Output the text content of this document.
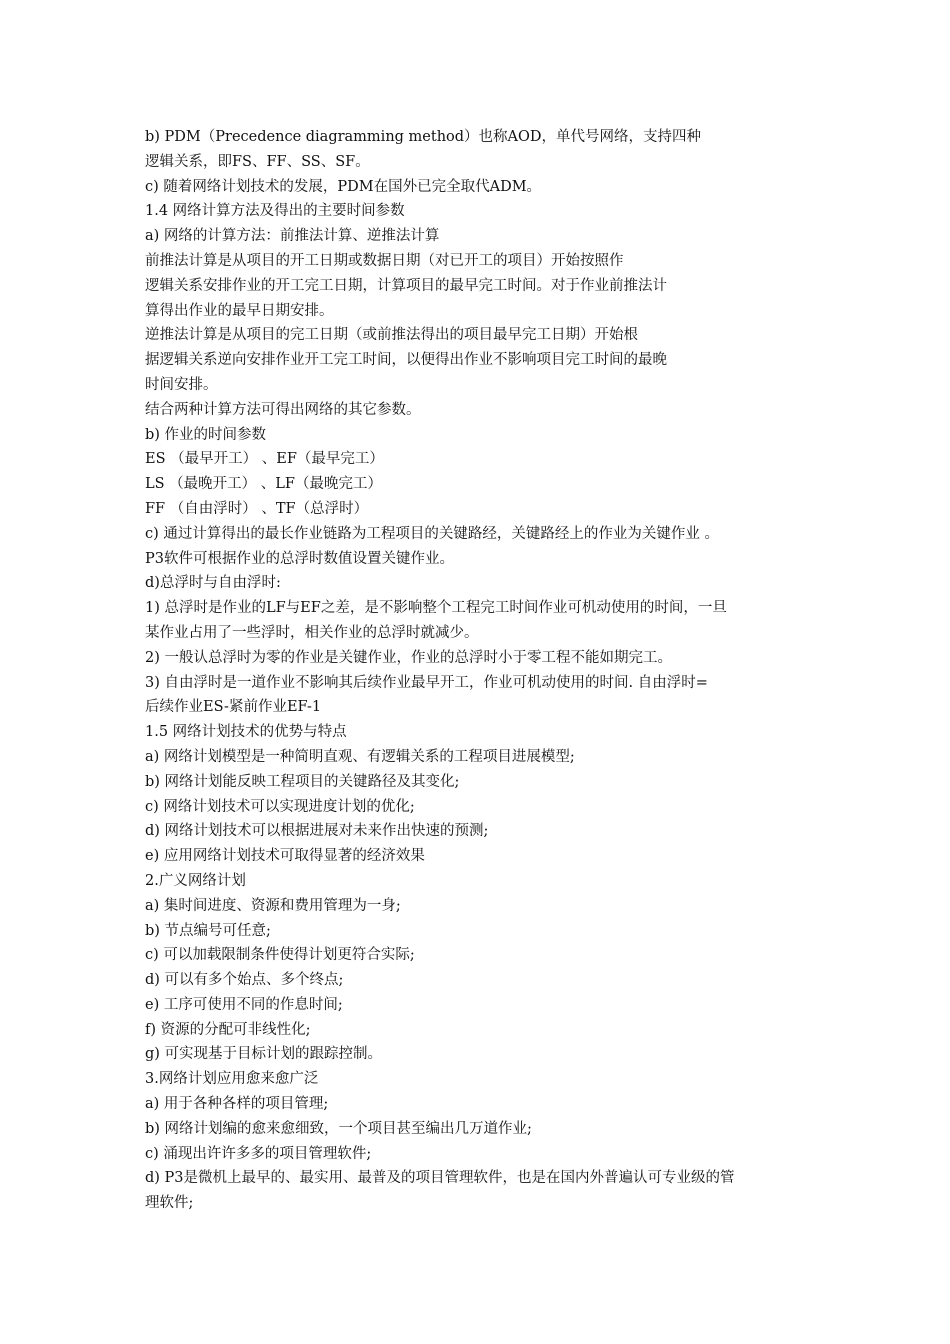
b) PDM（Precedence diagramming method）也称AOD，单代号网络，支持四种
逻辑关系，即FS、FF、SS、SF。
c) 随着网络计划技术的发展，PDM在国外已完全取代ADM。
1.4 网络计算方法及得出的主要时间参数
a) 网络的计算方法：前推法计算、逆推法计算
前推法计算是从项目的开工日期或数据日期（对已开工的项目）开始按照作
逻辑关系安排作业的开工完工日期，计算项目的最早完工时间。对于作业前推法计
算得出作业的最早日期安排。
逆推法计算是从项目的完工日期（或前推法得出的项目最早完工日期）开始根
据逻辑关系逆向安排作业开工完工时间，以便得出作业不影响项目完工时间的最晚
时间安排。
结合两种计算方法可得出网络的其它参数。
b) 作业的时间参数
ES （最早开工） 、EF（最早完工）
LS （最晚开工） 、LF（最晚完工）
FF （自由浮时） 、TF（总浮时）
c) 通过计算得出的最长作业链路为工程项目的关键路经，关键路经上的作业为关键作业 。
P3软件可根据作业的总浮时数值设置关键作业。
d)总浮时与自由浮时:
1) 总浮时是作业的LF与EF之差，是不影响整个工程完工时间作业可机动使用的时间，一旦
某作业占用了一些浮时，相关作业的总浮时就减少。
2) 一般认总浮时为零的作业是关键作业，作业的总浮时小于零工程不能如期完工。
3) 自由浮时是一道作业不影响其后续作业最早开工，作业可机动使用的时间. 自由浮时=
后续作业ES-紧前作业EF-1
1.5 网络计划技术的优势与特点
a) 网络计划模型是一种简明直观、有逻辑关系的工程项目进展模型;
b) 网络计划能反映工程项目的关键路径及其变化;
c) 网络计划技术可以实现进度计划的优化;
d) 网络计划技术可以根据进展对未来作出快速的预测;
e) 应用网络计划技术可取得显著的经济效果
2.广义网络计划
a) 集时间进度、资源和费用管理为一身;
b) 节点编号可任意;
c) 可以加载限制条件使得计划更符合实际;
d) 可以有多个始点、多个终点;
e) 工序可使用不同的作息时间;
f) 资源的分配可非线性化;
g) 可实现基于目标计划的跟踪控制。
3.网络计划应用愈来愈广泛
a) 用于各种各样的项目管理;
b) 网络计划编的愈来愈细致，一个项目甚至编出几万道作业;
c) 涌现出许许多多的项目管理软件;
d) P3是微机上最早的、最实用、最普及的项目管理软件，也是在国内外普遍认可专业级的管
理软件;
